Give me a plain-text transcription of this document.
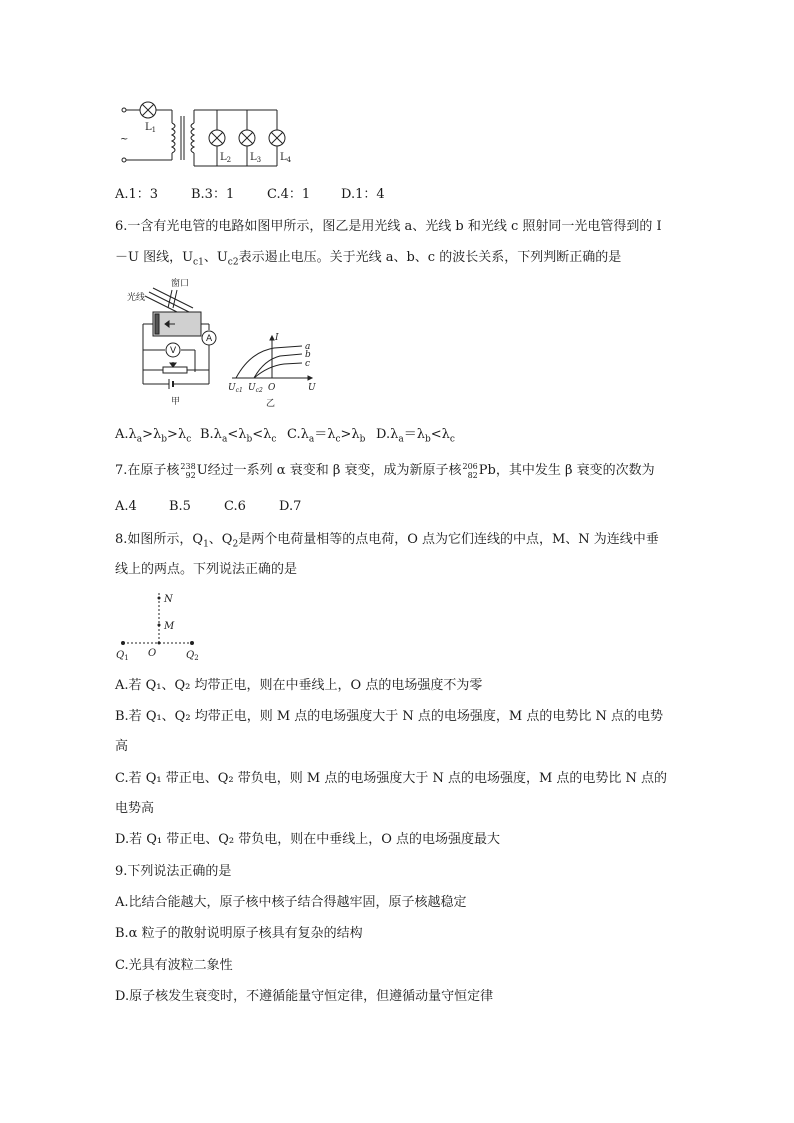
~
$L_1$
$L_2$ $L_3$ $L_4$
A.1：3	B.3：1	C.4：1 D.1：4
6.一含有光电管的电路如图甲所示，图乙是用光线 a、光线 b 和光线 c 照射同一光电管得到的 I
－U 图线，$U_{c1}$、$U_{c2}$表示遏止电压。关于光线 a、b、c 的波长关系，下列判断正确的是
窗口
光线
V
A
甲
I
U
a
b
c
$U_{c1}$ $U_{c2}$ O
乙
$A.\lambda_a>\lambda_b>\lambda_c$ $B.\lambda_a<\lambda_b<\lambda_c$ $C.\lambda_a=\lambda_c>\lambda_b$ $D.\lambda_a=\lambda_b<\lambda_c$
7.在原子核 238
92 U经过一系列 α 衰变和 β 衰变，成为新原子核 206
82 Pb，其中发生 β 衰变的次数为
A.4 B.5	C.6	D.7
8.如图所示，$Q_1$、$Q_2$是两个电荷量相等的点电荷，O 点为它们连线的中点，M、N 为连线中垂
线上的两点。下列说法正确的是
N
M
O
$Q_1$	$Q_2$
A.若 Q₁、Q₂ 均带正电，则在中垂线上，O 点的电场强度不为零
B.若 Q₁、Q₂ 均带正电，则 M 点的电场强度大于 N 点的电场强度，M 点的电势比 N 点的电势
高
C.若 Q₁ 带正电、Q₂ 带负电，则 M 点的电场强度大于 N 点的电场强度，M 点的电势比 N 点的
电势高
D.若 Q₁ 带正电、Q₂ 带负电，则在中垂线上，O 点的电场强度最大
9.下列说法正确的是
A.比结合能越大，原子核中核子结合得越牢固，原子核越稳定
B.α 粒子的散射说明原子核具有复杂的结构
C.光具有波粒二象性
D.原子核发生衰变时，不遵循能量守恒定律，但遵循动量守恒定律
